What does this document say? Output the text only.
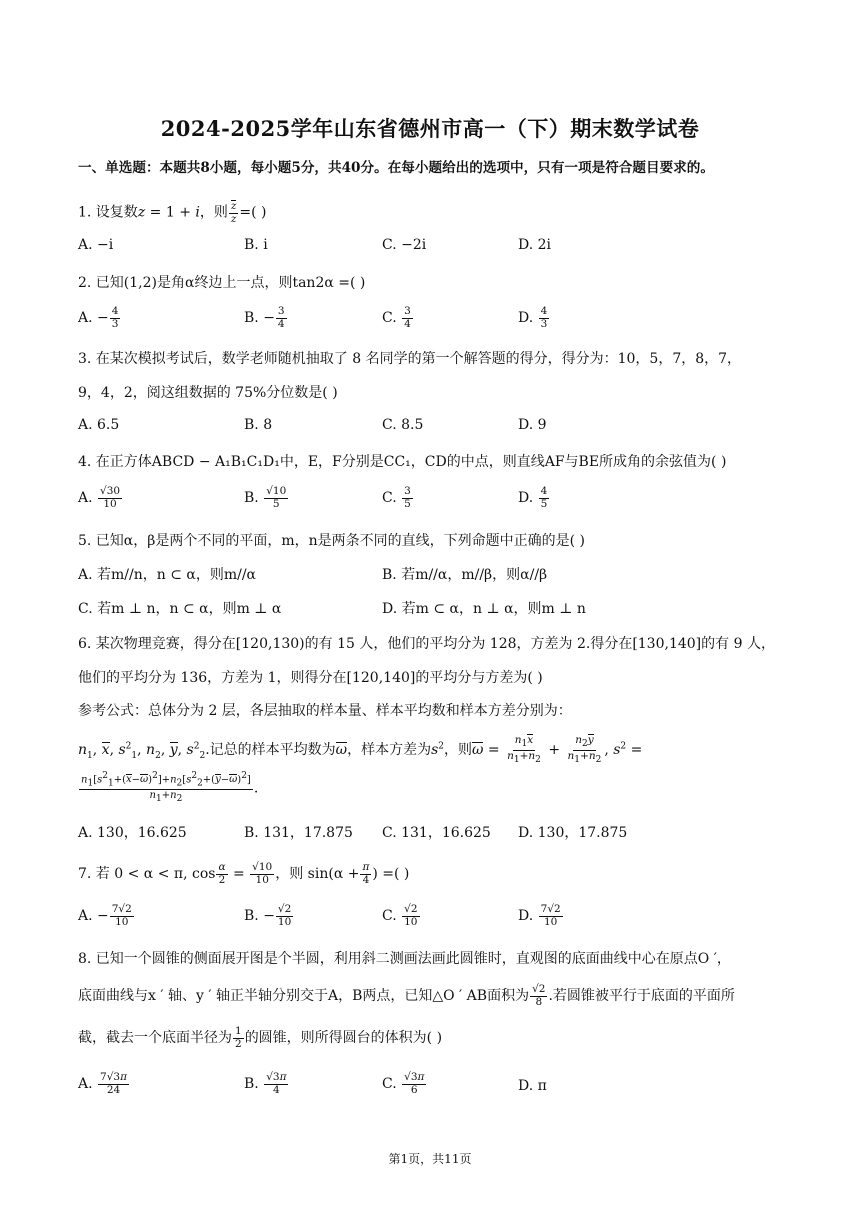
2024-2025学年山东省德州市高一（下）期末数学试卷
一、单选题：本题共8小题，每小题5分，共40分。在每小题给出的选项中，只有一项是符合题目要求的。
1. 设复数z = 1 + i，则 $\frac{z}{z}$ =( )
A. −i	B. i	C. −2i	D. 2i
2. 已知(1,2)是角α终边上一点，则tan2α =( )
A. − $\frac{4}{3}$	B. − $\frac{3}{4}$	C. $\frac{3}{4}$	D. $\frac{4}{3}$
3. 在某次模拟考试后，数学老师随机抽取了 8 名同学的第一个解答题的得分，得分为：10，5，7，8，7，
9，4，2，阅这组数据的 75%分位数是( )
A. 6.5	B. 8	C. 8.5	D. 9
4. 在正方体ABCD − A₁B₁C₁D₁中，E，F分别是CC₁，CD的中点，则直线AF与BE所成角的余弦值为( )
A. $\frac{√30}{10}$	B. $\frac{√10}{5}$	C. $\frac{3}{5}$	D. $\frac{4}{5}$
5. 已知α，β是两个不同的平面，m，n是两条不同的直线，下列命题中正确的是( )
A. 若m//n，n ⊂ α，则m//α	B. 若m//α，m//β，则α//β
C. 若m ⊥ n，n ⊂ α，则m ⊥ α	D. 若m ⊂ α，n ⊥ α，则m ⊥ n
6. 某次物理竞赛，得分在[120,130)的有 15 人，他们的平均分为 128，方差为 2.得分在[130,140]的有 9 人，
他们的平均分为 136，方差为 1，则得分在[120,140]的平均分与方差为( )
参考公式：总体分为 2 层，各层抽取的样本量、样本平均数和样本方差分别为：
$n_1$, x, $s^2_1$, $n_2$, y, $s^2_2$.记总的样本平均数为ω，样本方差为$s^2$，则$\omega = \frac{n_1x}{n_1+n_2} + \frac{n_2y}{n_1+n_2}$ , $s^2$ =
$\frac{n_1[s^2_1+(x-\omega)^2]+n_2[s^2_2+(y-\omega)^2]}{n_1+n_2}$ .
A. 130，16.625	B. 131，17.875 C. 131，16.625 D. 130，17.875
7. 若 0 < α < π, $\cos \frac{\alpha}{2} = \frac{√10}{10}$ ，则 $\sin(\alpha + \frac{\pi}{4}$ ) =( )
A. − $\frac{7√2}{10}$	B. − $\frac{√2}{10}$	C. $\frac{√2}{10}$	D. $\frac{7√2}{10}$
8. 已知一个圆锥的侧面展开图是个半圆，利用斜二测画法画此圆锥时，直观图的底面曲线中心在原点O ′，
底面曲线与x ′ 轴、y ′ 轴正半轴分别交于A，B两点，已知△O ′ AB面积为 $\frac{√2}{8}$ .若圆锥被平行于底面的平面所
截，截去一个底面半径为 $\frac{1}{2}$ 的圆锥，则所得圆台的体积为( )
A. $\frac{7√3\pi}{24}$	B. $\frac{√3\pi}{4}$	C. $\frac{√3\pi}{6}$	D. π
第1页，共11页
